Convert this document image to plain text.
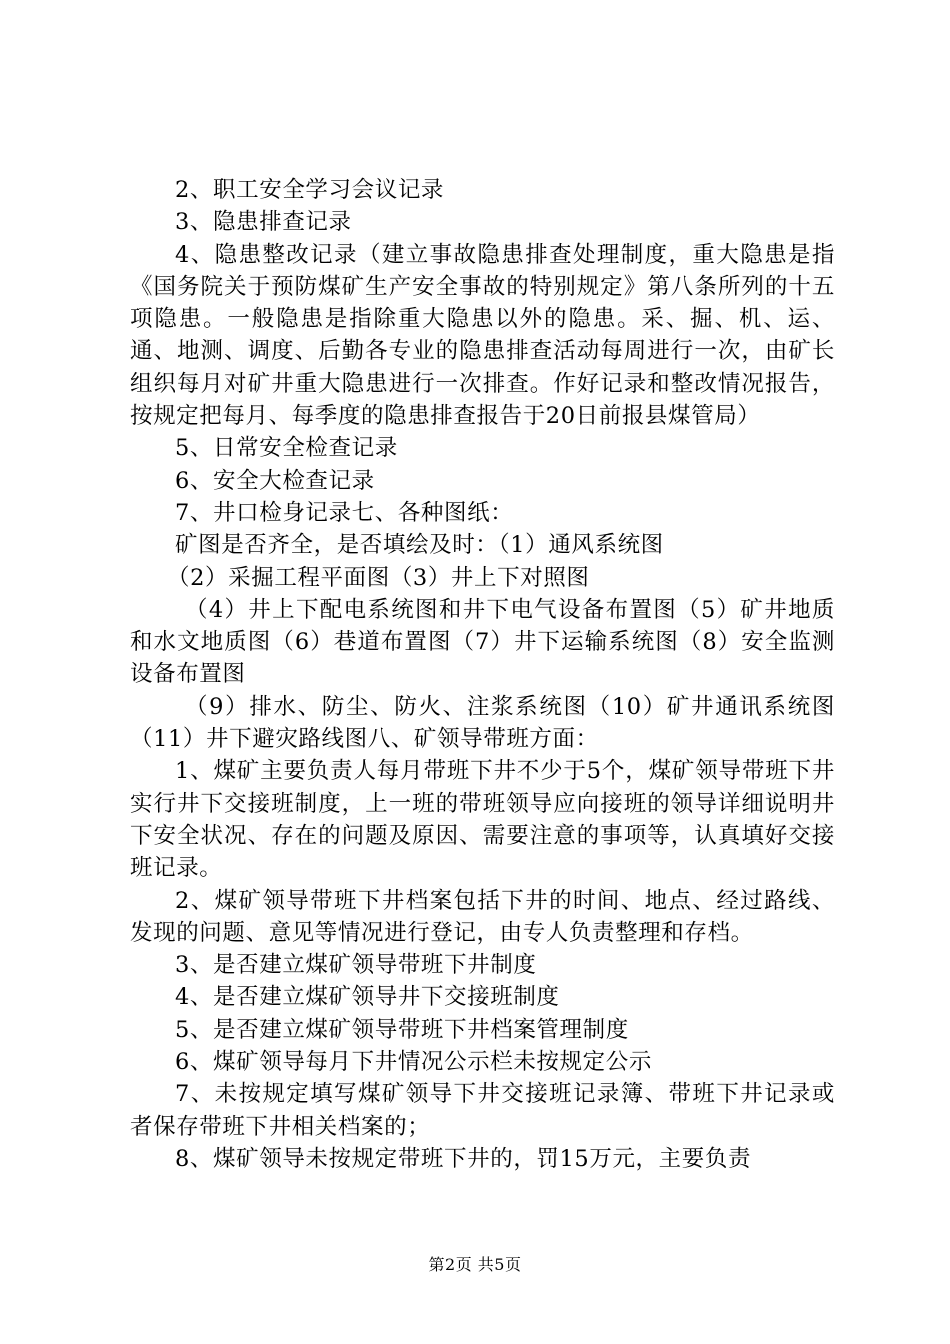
2、职工安全学习会议记录

3、隐患排查记录

4、隐患整改记录（建立事故隐患排查处理制度，重大隐患是指《国务院关于预防煤矿生产安全事故的特别规定》第八条所列的十五项隐患。一般隐患是指除重大隐患以外的隐患。采、掘、机、运、通、地测、调度、后勤各专业的隐患排查活动每周进行一次，由矿长组织每月对矿井重大隐患进行一次排查。作好记录和整改情况报告，按规定把每月、每季度的隐患排查报告于20日前报县煤管局）

5、日常安全检查记录

6、安全大检查记录

7、井口检身记录七、各种图纸：

矿图是否齐全，是否填绘及时：（1）通风系统图

（2）采掘工程平面图（3）井上下对照图

（4）井上下配电系统图和井下电气设备布置图（5）矿井地质和水文地质图（6）巷道布置图（7）井下运输系统图（8）安全监测设备布置图

（9）排水、防尘、防火、注浆系统图（10）矿井通讯系统图（11）井下避灾路线图八、矿领导带班方面：

1、煤矿主要负责人每月带班下井不少于5个，煤矿领导带班下井实行井下交接班制度，上一班的带班领导应向接班的领导详细说明井下安全状况、存在的问题及原因、需要注意的事项等，认真填好交接班记录。

2、煤矿领导带班下井档案包括下井的时间、地点、经过路线、发现的问题、意见等情况进行登记，由专人负责整理和存档。

3、是否建立煤矿领导带班下井制度

4、是否建立煤矿领导井下交接班制度

5、是否建立煤矿领导带班下井档案管理制度

6、煤矿领导每月下井情况公示栏未按规定公示

7、未按规定填写煤矿领导下井交接班记录簿、带班下井记录或者保存带班下井相关档案的；

8、煤矿领导未按规定带班下井的，罚15万元，主要负责

第2页 共5页
